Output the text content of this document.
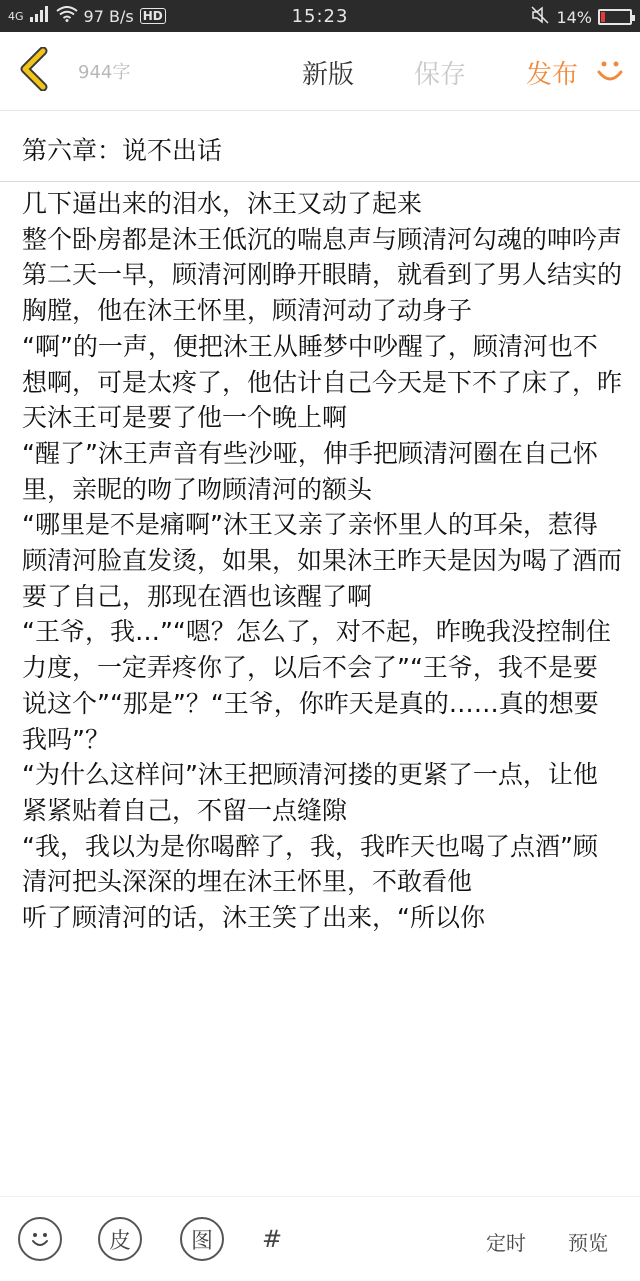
4G	97 B/s HD	15:23	14%
944字	新版 保存 发布
第六章：说不出话

几下逼出来的泪水，沐王又动了起来

整个卧房都是沐王低沉的喘息声与顾清河勾魂的呻吟声

第二天一早，顾清河刚睁开眼睛，就看到了男人结实的胸膛，他在沐王怀里，顾清河动了动身子

“啊”的一声，便把沐王从睡梦中吵醒了，顾清河也不想啊，可是太疼了，他估计自己今天是下不了床了，昨天沐王可是要了他一个晚上啊

“醒了”沐王声音有些沙哑，伸手把顾清河圈在自己怀里，亲昵的吻了吻顾清河的额头

“哪里是不是痛啊”沐王又亲了亲怀里人的耳朵，惹得顾清河脸直发烫，如果，如果沐王昨天是因为喝了酒而要了自己，那现在酒也该醒了啊

“王爷，我…”“嗯？怎么了，对不起，昨晚我没控制住力度，一定弄疼你了，以后不会了”“王爷，我不是要说这个”“那是”？“王爷，你昨天是真的……真的想要我吗”？

“为什么这样问”沐王把顾清河搂的更紧了一点，让他紧紧贴着自己，不留一点缝隙

“我，我以为是你喝醉了，我，我昨天也喝了点酒”顾清河把头深深的埋在沐王怀里，不敢看他

听了顾清河的话，沐王笑了出来，“所以你

皮	图 #	定时 预览
